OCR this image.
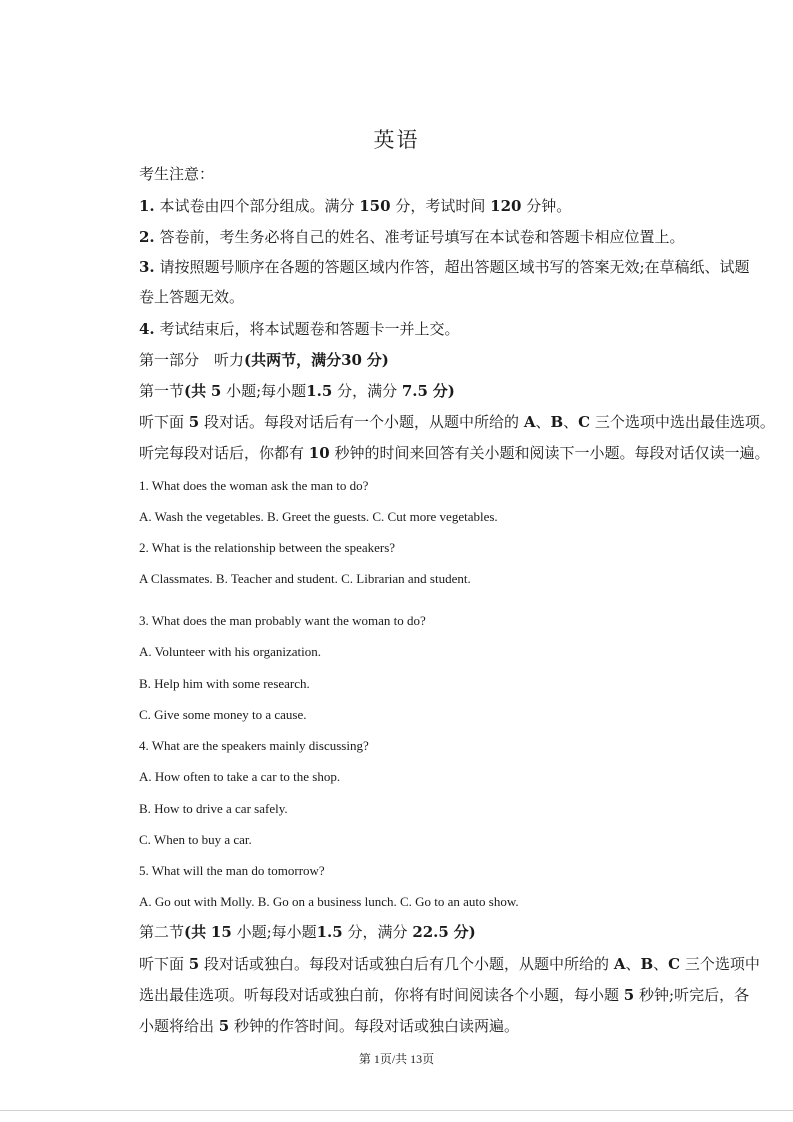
英语
考生注意：
1. 本试卷由四个部分组成。满分 150 分，考试时间 120 分钟。
2. 答卷前，考生务必将自己的姓名、准考证号填写在本试卷和答题卡相应位置上。
3. 请按照题号顺序在各题的答题区域内作答，超出答题区域书写的答案无效;在草稿纸、试题
卷上答题无效。
4. 考试结束后，将本试题卷和答题卡一并上交。
第一部分　听力(共两节，满分30 分)
第一节(共 5 小题;每小题1.5 分，满分 7.5 分)
听下面 5 段对话。每段对话后有一个小题，从题中所给的 A、B、C 三个选项中选出最佳选项。
听完每段对话后，你都有 10 秒钟的时间来回答有关小题和阅读下一小题。每段对话仅读一遍。
1. What does the woman ask the man to do?
A. Wash the vegetables. B. Greet the guests. C. Cut more vegetables.
2. What is the relationship between the speakers?
A Classmates. B. Teacher and student. C. Librarian and student.
3. What does the man probably want the woman to do?
A. Volunteer with his organization.
B. Help him with some research.
C. Give some money to a cause.
4. What are the speakers mainly discussing?
A. How often to take a car to the shop.
B. How to drive a car safely.
C. When to buy a car.
5. What will the man do tomorrow?
A. Go out with Molly. B. Go on a business lunch. C. Go to an auto show.
第二节(共 15 小题;每小题1.5 分，满分 22.5 分)
听下面 5 段对话或独白。每段对话或独白后有几个小题，从题中所给的 A、B、C 三个选项中
选出最佳选项。听每段对话或独白前，你将有时间阅读各个小题，每小题 5 秒钟;听完后，各
小题将给出 5 秒钟的作答时间。每段对话或独白读两遍。
第 1页/共 13页
